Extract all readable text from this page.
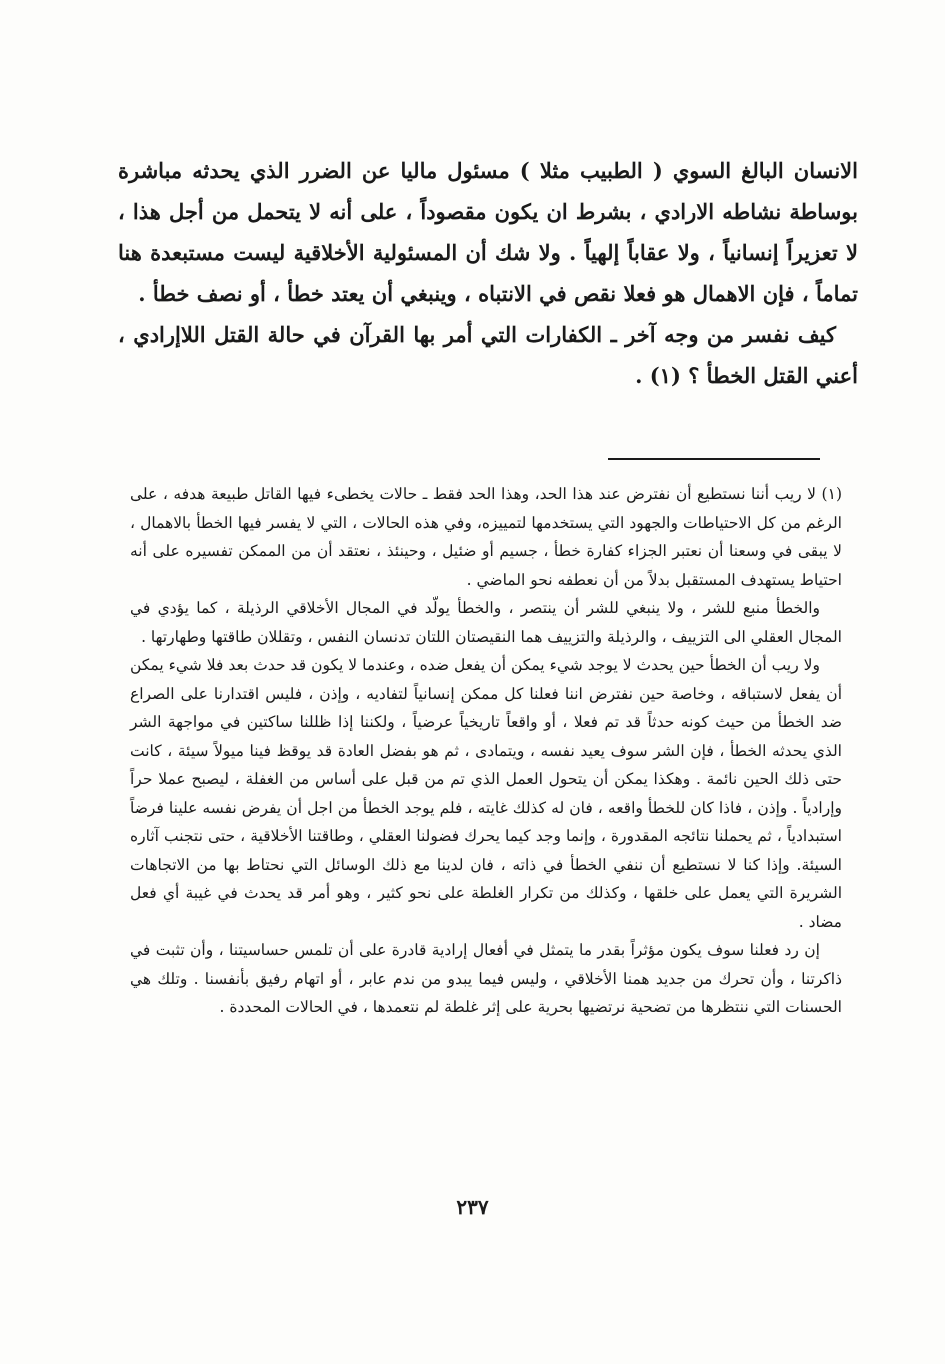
الانسان البالغ السوي ( الطبيب مثلا ) مسئول ماليا عن الضرر الذي يحدثه مباشرة بوساطة نشاطه الارادي ، بشرط ان يكون مقصوداً ، على أنه لا يتحمل من أجل هذا ، لا تعزيراً إنسانياً ، ولا عقاباً إلهياً . ولا شك أن المسئولية الأخلاقية ليست مستبعدة هنا تماماً ، فإن الاهمال هو فعلا نقص في الانتباه ، وينبغي أن يعتد خطأ ، أو نصف خطأ .

كيف نفسر من وجه آخر ـ الكفارات التي أمر بها القرآن في حالة القتل اللاإرادي ، أعني القتل الخطأ ؟ (١) .

(١) لا ريب أننا نستطيع أن نفترض عند هذا الحد، وهذا الحد فقط ـ حالات يخطىء فيها القاتل طبيعة هدفه ، على الرغم من كل الاحتياطات والجهود التي يستخدمها لتمييزه، وفي هذه الحالات ، التي لا يفسر فيها الخطأ بالاهمال ، لا يبقى في وسعنا أن نعتبر الجزاء كفارة خطأ ، جسيم أو ضئيل ، وحينئذ ، نعتقد أن من الممكن تفسيره على أنه احتياط يستهدف المستقبل بدلاً من أن نعطفه نحو الماضي .

والخطأ منبع للشر ، ولا ينبغي للشر أن ينتصر ، والخطأ يولّد في المجال الأخلاقي الرذيلة ، كما يؤدي في المجال العقلي الى التزييف ، والرذيلة والتزييف هما النقيصتان اللتان تدنسان النفس ، وتقللان طاقتها وطهارتها .

ولا ريب أن الخطأ حين يحدث لا يوجد شيء يمكن أن يفعل ضده ، وعندما لا يكون قد حدث بعد فلا شيء يمكن أن يفعل لاستباقه ، وخاصة حين نفترض اننا فعلنا كل ممكن إنسانياً لتفاديه ، وإذن ، فليس اقتدارنا على الصراع ضد الخطأ من حيث كونه حدثاً قد تم فعلا ، أو واقعاً تاريخياً عرضياً ، ولكننا إذا ظللنا ساكتين في مواجهة الشر الذي يحدثه الخطأ ، فإن الشر سوف يعيد نفسه ، ويتمادى ، ثم هو بفضل العادة قد يوقظ فينا ميولاً سيئة ، كانت حتى ذلك الحين نائمة . وهكذا يمكن أن يتحول العمل الذي تم من قبل على أساس من الغفلة ، ليصبح عملا حراً وإرادياً . وإذن ، فاذا كان للخطأ واقعه ، فان له كذلك غايته ، فلم يوجد الخطأ من اجل أن يفرض نفسه علينا فرضاً استبدادياً ، ثم يحملنا نتائجه المقدورة ، وإنما وجد كيما يحرك فضولنا العقلي ، وطاقتنا الأخلاقية ، حتى نتجنب آثاره السيئة. وإذا كنا لا نستطيع أن ننفي الخطأ في ذاته ، فان لدينا مع ذلك الوسائل التي نحتاط بها من الاتجاهات الشريرة التي يعمل على خلقها ، وكذلك من تكرار الغلطة على نحو كثير ، وهو أمر قد يحدث في غيبة أي فعل مضاد .

إن رد فعلنا سوف يكون مؤثراً بقدر ما يتمثل في أفعال إرادية قادرة على أن تلمس حساسيتنا ، وأن تثبت في ذاكرتنا ، وأن تحرك من جديد همنا الأخلاقي ، وليس فيما يبدو من ندم عابر ، أو اتهام رفيق بأنفسنا . وتلك هي الحسنات التي ننتظرها من تضحية نرتضيها بحرية على إثر غلطة لم نتعمدها ، في الحالات المحددة .

٢٣٧
